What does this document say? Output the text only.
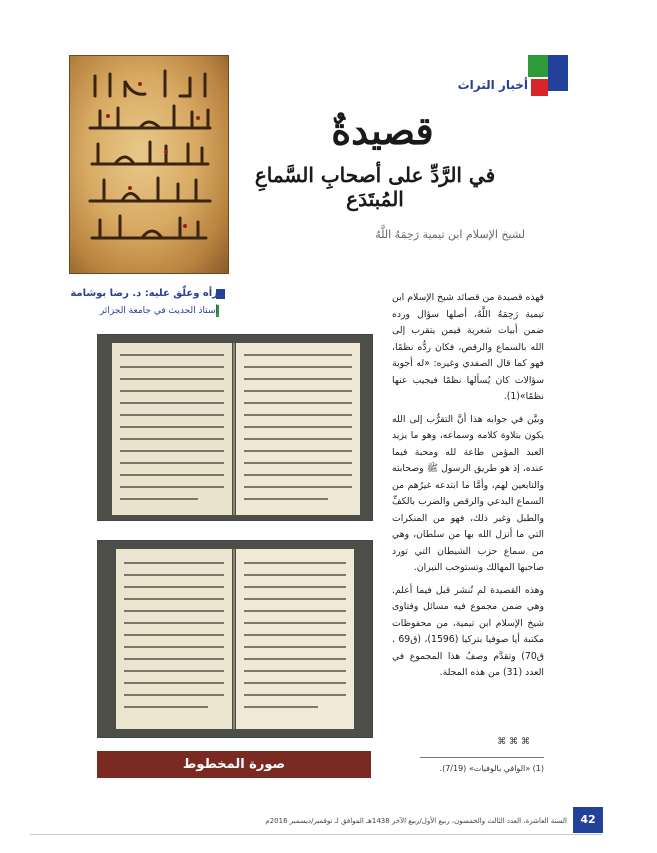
أخبار التراث
قصيدةٌ
في الرَّدِّ على أصحابِ السَّماعِ المُبتَدَع
لشيخ الإسلام ابن تيمية رَحِمَهُ اللَّهُ
قرأه وعلّق عليه: د. رضا بوشامة
أستاذ الحديث في جامعة الجزائر
صورة المخطوط

فهذه قصيدة من قصائد شيخ الإسلام ابن تيمية رَحِمَهُ اللَّهُ، أصلها سؤال ورده ضمن أبيات شعرية فيمن يتقرب إلى الله بالسماع والرقص، فكان ردُّه نظمًا، فهو كما قال الصفدي وغيره: «له أجوبة سؤالات كان يُسألها نظمًا فيجيب عنها نظمًا»(1).

وبيَّن في جوابه هذا أنَّ التقرُّب إلى الله يكون بتلاوة كلامه وسماعه، وهو ما يزيد العبد المؤمن طاعة لله ومحبة فيما عنده، إذ هو طريق الرسول ﷺ وصحابته والتابعين لهم، وأمَّا ما ابتدعه غيرُهم من السماع البدعي والرقص والضرب بالكفِّ والطبل وغير ذلك، فهو من المنكرات التي ما أنزل الله بها من سلطان، وهي من سماع حزب الشيطان التي تورد صاحبها المهالك وتستوجب النيران.

وهذه القصيدة لم تُنشر قبل فيما أعلم. وهي ضمن مجموع فيه مسائل وفتاوى شيخ الإسلام ابن تيمية، من محفوظات مكتبة أيا صوفيا بتركيا (1596)، (ق69 . ق70) وتقدَّم وصفُ هذا المجموع في العدد (31) من هذه المجلة.

⌘ ⌘ ⌘
(1) «الوافي بالوفيات» (7/19).
42
السنة العاشرة، العدد الثالث والخمسون، ربيع الأول/ربيع الآخر 1438هـ الموافق لـ نوفمبر/ديسمبر 2016م
